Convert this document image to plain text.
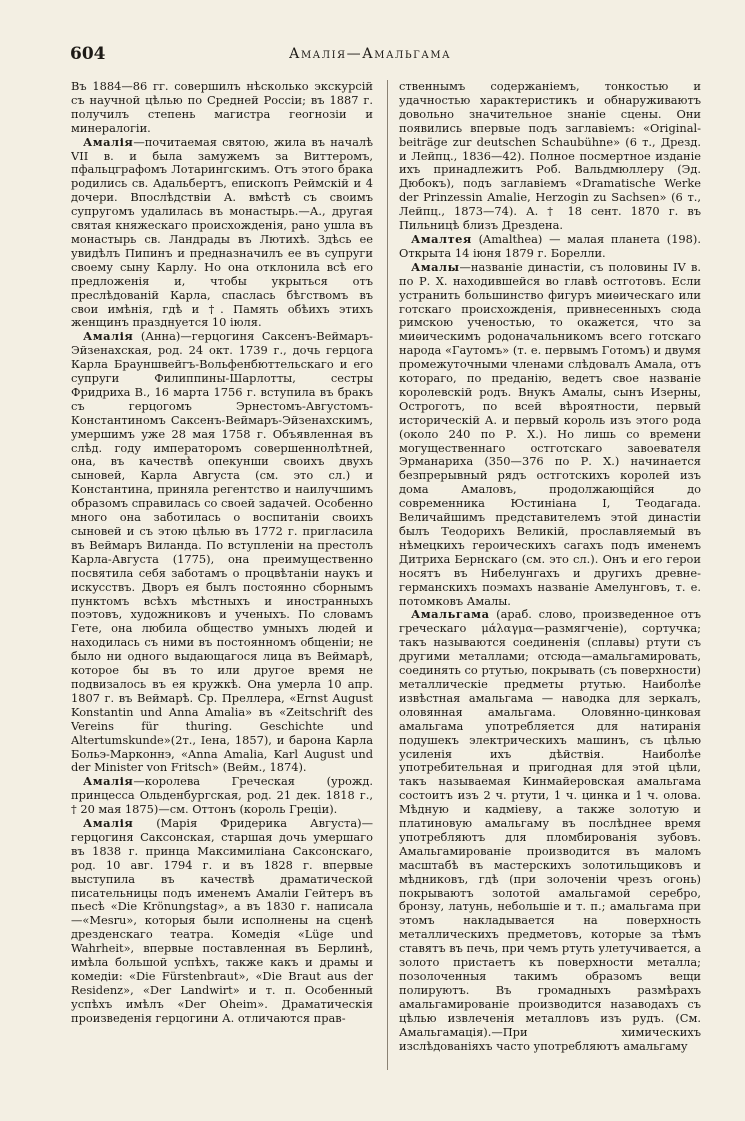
604	Амалія—Амальгама

Въ 1884—86 гг. совершилъ нѣсколько экскурсій съ научной цѣлью по Средней Россіи; въ 1887 г. получилъ степень магистра геогнозіи и минералогіи.

Амалія—почитаемая святою, жила въ началѣ VII в. и была замужемъ за Виттеромъ, пфальцграфомъ Лотарингскимъ. Отъ этого брака родились св. Адальбертъ, епископъ Реймскій и 4 дочери. Впослѣдствіи А. вмѣстѣ съ своимъ супругомъ удалилась въ монастырь.—А., другая святая княжескаго происхожденія, рано ушла въ монастырь св. Ландрады въ Лютихѣ. Здѣсь ее увидѣлъ Пипинъ и предназначилъ ее въ супруги своему сыну Карлу. Но она отклонила всѣ его предложенія и, чтобы укрыться отъ преслѣдованій Карла, спаслась бѣгствомъ въ свои имѣнія, гдѣ и †. Память обѣихъ этихъ женщинъ празднуется 10 іюля.

Амалія (Анна)—герцогиня Саксенъ-Веймаръ-Эйзенахская, род. 24 окт. 1739 г., дочь герцога Карла Брауншвейгъ-Вольфенбюттельскаго и его супруги Филиппины-Шарлотты, сестры Фридриха В., 16 марта 1756 г. вступила въ бракъ съ герцогомъ Эрнестомъ-Августомъ-Константиномъ Саксенъ-Веймаръ-Эйзенахскимъ, умершимъ уже 28 мая 1758 г. Объявленная въ слѣд. году императоромъ совершеннолѣтней, она, въ качествѣ опекунши своихъ двухъ сыновей, Карла Августа (см. это сл.) и Константина, приняла регентство и наилучшимъ образомъ справилась со своей задачей. Особенно много она заботилась о воспитаніи своихъ сыновей и съ этою цѣлью въ 1772 г. пригласила въ Веймаръ Виланда. По вступленіи на престолъ Карла-Августа (1775), она преимущественно посвятила себя заботамъ о процвѣтаніи наукъ и искусствъ. Дворъ ея былъ постоянно сборнымъ пунктомъ всѣхъ мѣстныхъ и иностранныхъ поэтовъ, художниковъ и ученыхъ. По словамъ Гете, она любила общество умныхъ людей и находилась съ ними въ постоянномъ общеніи; не было ни одного выдающагося лица въ Веймарѣ, которое бы въ то или другое время не подвизалось въ ея кружкѣ. Она умерла 10 апр. 1807 г. въ Веймарѣ. Ср. Преллера, «Ernst August Konstantin und Anna Amalia» въ «Zeitschrift des Vereins für thuring. Geschichte und Altertumskunde»(2т., Iена, 1857), и барона Карла Больэ-Марконнэ, «Anna Amalia, Karl August und der Minister von Fritsch» (Вейм., 1874).

Амалія—королева Греческая (урожд. принцесса Ольденбургская, род. 21 дек. 1818 г., † 20 мая 1875)—см. Оттонъ (король Греціи).

Амалія (Марія Фридерика Августа)—герцогиня Саксонская, старшая дочь умершаго въ 1838 г. принца Максимиліана Саксонскаго, род. 10 авг. 1794 г. и въ 1828 г. впервые выступила въ качествѣ драматической писательницы подъ именемъ Амаліи Гейтеръ въ пьесѣ «Die Krönungstag», а въ 1830 г. написала—«Mesru», которыя были исполнены на сценѣ дрезденскаго театра. Комедія «Lüge und Wahrheit», впервые поставленная въ Берлинѣ, имѣла большой успѣхъ, также какъ и драмы и комедіи: «Die Fürstenbraut», «Die Braut aus der Residenz», «Der Landwirt» и т. п. Особенный успѣхъ имѣлъ «Der Oheim». Драматическія произведенія герцогини А. отличаются прав-

ственнымъ содержаніемъ, тонкостью и удачностью характеристикъ и обнаруживаютъ довольно значительное знаніе сцены. Они появились впервые подъ заглавіемъ: «Original-beiträge zur deutschen Schaubühne» (6 т., Дрезд. и Лейпц., 1836—42). Полное посмертное изданіе ихъ принадлежитъ Роб. Вальдмюллеру (Эд. Дюбокъ), подъ заглавіемъ «Dramatische Werke der Prinzessin Amalie, Herzogin zu Sachsen» (6 т., Лейпц., 1873—74). А. † 18 сент. 1870 г. въ Пильницѣ близъ Дрездена.

Амалтея (Amalthea) — малая планета (198). Открыта 14 іюня 1879 г. Борелли.

Амалы—названіе династіи, съ половины IV в. по Р. Х. находившейся во главѣ остготовъ. Если устранить большинство фигуръ миѳическаго или готскаго происхожденія, привнесенныхъ сюда римскою ученостью, то окажется, что за миѳическимъ родоначальникомъ всего готскаго народа «Гаутомъ» (т. е. первымъ Готомъ) и двумя промежуточными членами слѣдовалъ Амала, отъ котораго, по преданію, ведетъ свое названіе королевскій родъ. Внукъ Амалы, сынъ Изерны, Остроготъ, по всей вѣроятности, первый историческій А. и первый король изъ этого рода (около 240 по Р. Х.). Но лишь со времени могущественнаго остготскаго завоевателя Эрманариха (350—376 по Р. Х.) начинается безпрерывный рядъ остготскихъ королей изъ дома Амаловъ, продолжающійся до современника Юстиніана I, Теодагада. Величайшимъ представителемъ этой династіи былъ Теодорихъ Великій, прославляемый въ нѣмецкихъ героическихъ сагахъ подъ именемъ Дитриха Бернскаго (см. это сл.). Онъ и его герои носятъ въ Нибелунгахъ и другихъ древне-германскихъ поэмахъ названіе Амелунговъ, т. е. потомковъ Амалы.

Амальгама (араб. слово, произведенное отъ греческаго μάλαγμα—размягченіе), сортучка; такъ называются соединенія (сплавы) ртути съ другими металлами; отсюда—амальгамировать, соединять со ртутью, покрывать (съ поверхности) металлическіе предметы ртутью. Наиболѣе извѣстная амальгама — наводка для зеркалъ, оловянная амальгама. Оловянно-цинковая амальгама употребляется для натиранія подушекъ электрическихъ машинъ, съ цѣлью усиленія ихъ дѣйствія. Наиболѣе употребительная и пригодная для этой цѣли, такъ называемая Кинмайеровская амальгама состоитъ изъ 2 ч. ртути, 1 ч. цинка и 1 ч. олова. Мѣдную и кадміеву, а также золотую и платиновую амальгаму въ послѣднее время употребляютъ для пломбированія зубовъ. Амальгамированіе производится въ маломъ масштабѣ въ мастерскихъ золотильщиковъ и мѣдниковъ, гдѣ (при золоченіи чрезъ огонь) покрываютъ золотой амальгамой серебро, бронзу, латунь, небольшіе и т. п.; амальгама при этомъ накладывается на поверхность металлическихъ предметовъ, которые за тѣмъ ставятъ въ печь, при чемъ ртуть улетучивается, а золото пристаетъ къ поверхности металла; позолоченныя такимъ образомъ вещи полируютъ. Въ громадныхъ размѣрахъ амальгамированіе производится назаводахъ съ цѣлью извлеченія металловъ изъ рудъ. (См. Амальгамація).—При химическихъ изслѣдованіяхъ часто употребляютъ амальгаму
